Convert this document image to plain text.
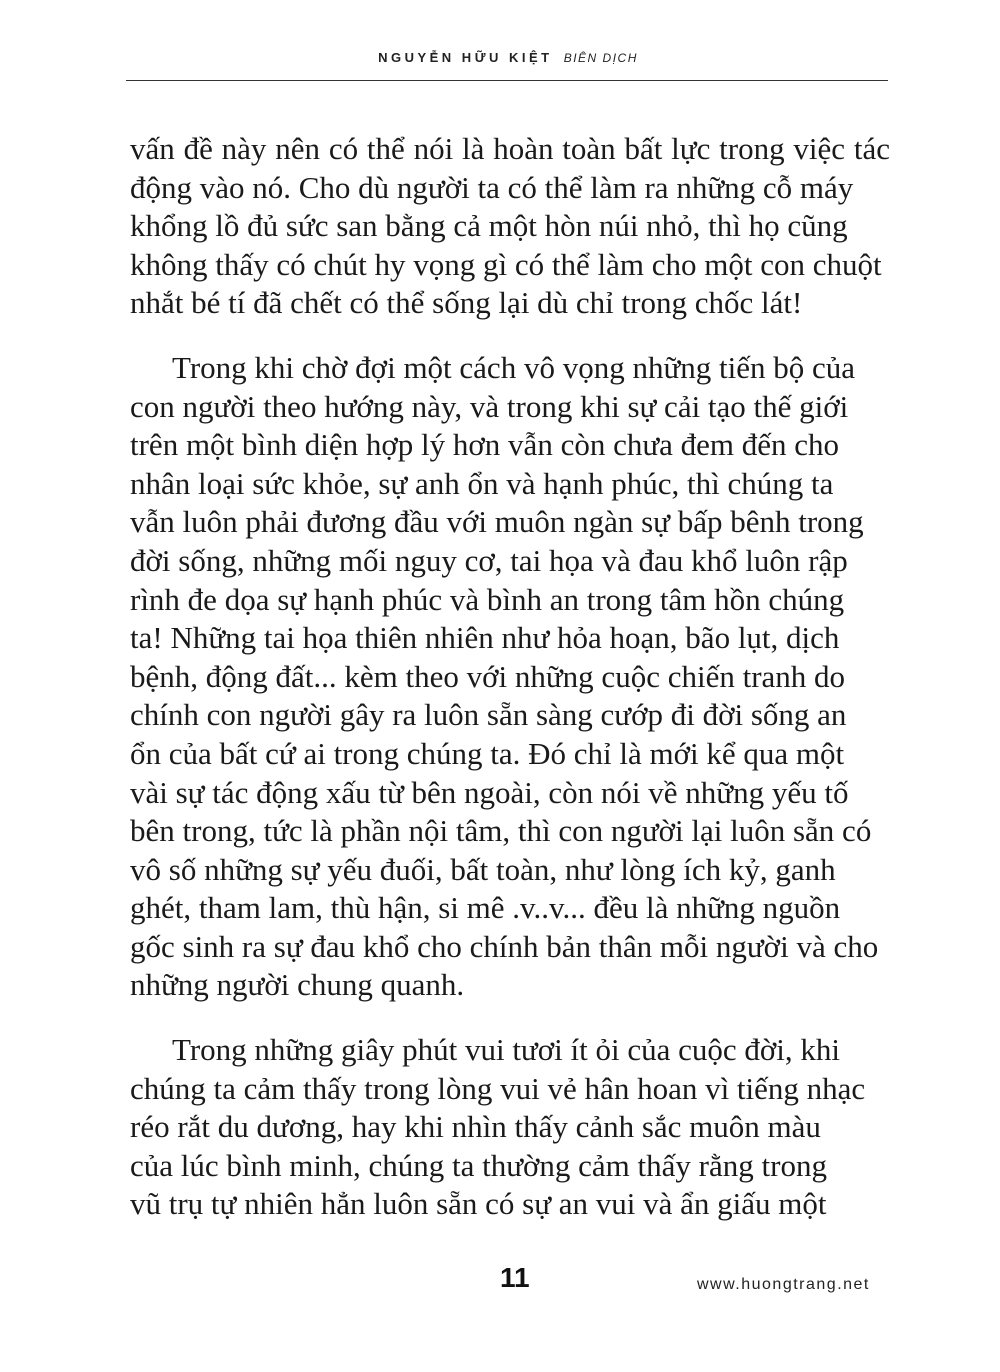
NGUYỄN HỮU KIỆT BIÊN DỊCH
vấn đề này nên có thể nói là hoàn toàn bất lực trong việc tác
động vào nó. Cho dù người ta có thể làm ra những cỗ máy
khổng lồ đủ sức san bằng cả một hòn núi nhỏ, thì họ cũng
không thấy có chút hy vọng gì có thể làm cho một con chuột
nhắt bé tí đã chết có thể sống lại dù chỉ trong chốc lát!
Trong khi chờ đợi một cách vô vọng những tiến bộ của
con người theo hướng này, và trong khi sự cải tạo thế giới
trên một bình diện hợp lý hơn vẫn còn chưa đem đến cho
nhân loại sức khỏe, sự anh ổn và hạnh phúc, thì chúng ta
vẫn luôn phải đương đầu với muôn ngàn sự bấp bênh trong
đời sống, những mối nguy cơ, tai họa và đau khổ luôn rập
rình đe dọa sự hạnh phúc và bình an trong tâm hồn chúng
ta! Những tai họa thiên nhiên như hỏa hoạn, bão lụt, dịch
bệnh, động đất... kèm theo với những cuộc chiến tranh do
chính con người gây ra luôn sẵn sàng cướp đi đời sống an
ổn của bất cứ ai trong chúng ta. Đó chỉ là mới kể qua một
vài sự tác động xấu từ bên ngoài, còn nói về những yếu tố
bên trong, tức là phần nội tâm, thì con người lại luôn sẵn có
vô số những sự yếu đuối, bất toàn, như lòng ích kỷ, ganh
ghét, tham lam, thù hận, si mê .v..v... đều là những nguồn
gốc sinh ra sự đau khổ cho chính bản thân mỗi người và cho
những người chung quanh.
Trong những giây phút vui tươi ít ỏi của cuộc đời, khi
chúng ta cảm thấy trong lòng vui vẻ hân hoan vì tiếng nhạc
réo rắt du dương, hay khi nhìn thấy cảnh sắc muôn màu
của lúc bình minh, chúng ta thường cảm thấy rằng trong
vũ trụ tự nhiên hẳn luôn sẵn có sự an vui và ẩn giấu một
11	www.huongtrang.net
